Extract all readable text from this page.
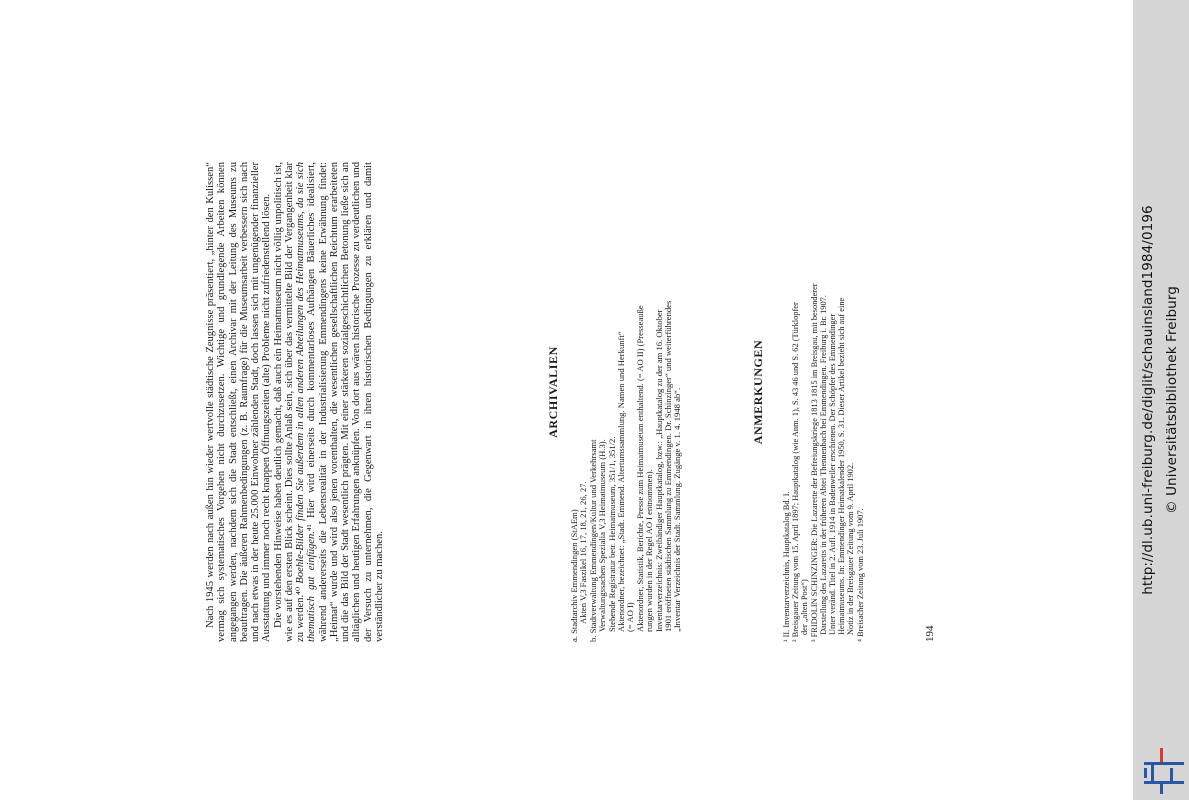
Nach 1945 werden nach außen hin wieder wertvolle städtische Zeugnisse präsentiert, „hinter den Kulissen“ vermag sich systematisches Vorgehen nicht durchzusetzen. Wichtige und grundlegende Arbeiten können angegangen werden, nachdem sich die Stadt entschließt, einen Archivar mit der Leitung des Museums zu beauftragen. Die äußeren Rahmenbedingungen (z. B. Raumfrage) für die Museumsarbeit verbessern sich nach und nach etwas in der heute 25.000 Einwohner zählenden Stadt, doch lassen sich mit ungenügender finanzieller Ausstattung und immer noch recht knappen Öffnungszeiten (alte) Probleme nicht zufriedenstellend lösen. Die vorstehenden Hinweise haben deutlich gemacht, daß auch ein Heimatmuseum nicht völlig unpolitisch ist, wie es auf den ersten Blick scheint. Dies sollte Anlaß sein, sich über das vermittelte Bild der Vergangenheit klar zu werden.⁴⁰ Boehle-Bilder finden Sie außerdem in allen anderen Abteilungen des Heimatmuseums, da sie sich thematisch gut einfügen.⁴¹ Hier wird einerseits durch kommentarloses Aufhängen Bäuerliches idealisiert, während andererseits die Lebensrealität in der Industrialisierung Emmendingens keine Erwähnung findet: „Heimat“ wurde und wird also jenen vorenthalten, die wesentlichen gesellschaftlichen Reichtum erarbeiteten und die das Bild der Stadt wesentlich prägten. Mit einer stärkeren sozialgeschichtlichen Betonung ließe sich an alltäglichen und heutigen Erfahrungen anknüpfen. Von dort aus wären historische Prozesse zu verdeutlichen und der Versuch zu unternehmen, die Gegenwart in ihren historischen Bedingungen zu erklären und damit verständlicher zu machen.

ARCHIVALIEN
a. Stadtarchiv Emmendingen (StAEm) Akten V,3 Faszikel 16, 17, 18, 21, 26, 27. b. Stadtverwaltung Emmendingen/Kultur und Verkehrsamt Verwaltungssachen Spezialia V,3 Heimatmuseum (H.3). Stehende Registratur betr. Heimatmuseum, 351/1, 351/2. Aktenordner, bezeichnet: „Stadt. Emmend. Altertumssammlung. Namen und Herkunft“ (= AO I) Aktenordner, Statistik, Berichte, Presse zum Heimatmuseum enthaltend. (= AO II) (Presseauße rungen wurden in der Regel AO I entnommen). Inventarverzeichnis: Zweibändiger Hauptkatalog, bzw.: „Hauptkatalog zu der am 16. Oktober 1901 eröffneten städtischen Sammlung zu Emmendingen. Dr. Schinzinger“ und weiterführendes „Inventar Verzeichnis der Stadt. Sammlung. Zugänge v. 1. 4. 1948 ab“.	ANMERKUNGEN
¹ II. Inventarverzeichnis, Hauptkatalog Bd. I. ² Breisgauer Zeitung vom 15. April 1897; Hauptkatalog (wie Anm. 1), S. 43 46 und S. 62 (Türklopfer der „alten Post“) ³ FRIDOLIN SCHINZINGER: Die Lazarette der Befreiungskriege 1813 1815 im Breisgau, mit besonderer Darstellung des Lazaretts in der früheren Abtei Thennenbach bei Emmendingen. Freiburg i. Br. 1907. Unter veränd. Titel in 2. Aufl. 1914 in Badenweiler erschienen. Der Schöpfer des Emmendinger Heimatmuseums. In: Emmendinger Heimatkalender 1950, S. 31. Dieser Artikel bezieht sich auf eine Notiz in der Breisgauer Zeitung vom 9. April 1902. ⁴ Breisacher Zeitung vom 23. Juli 1907.	194
http://dl.ub.uni-freiburg.de/diglit/schauinsland1984/0196 © Universitätsbibliothek Freiburg
